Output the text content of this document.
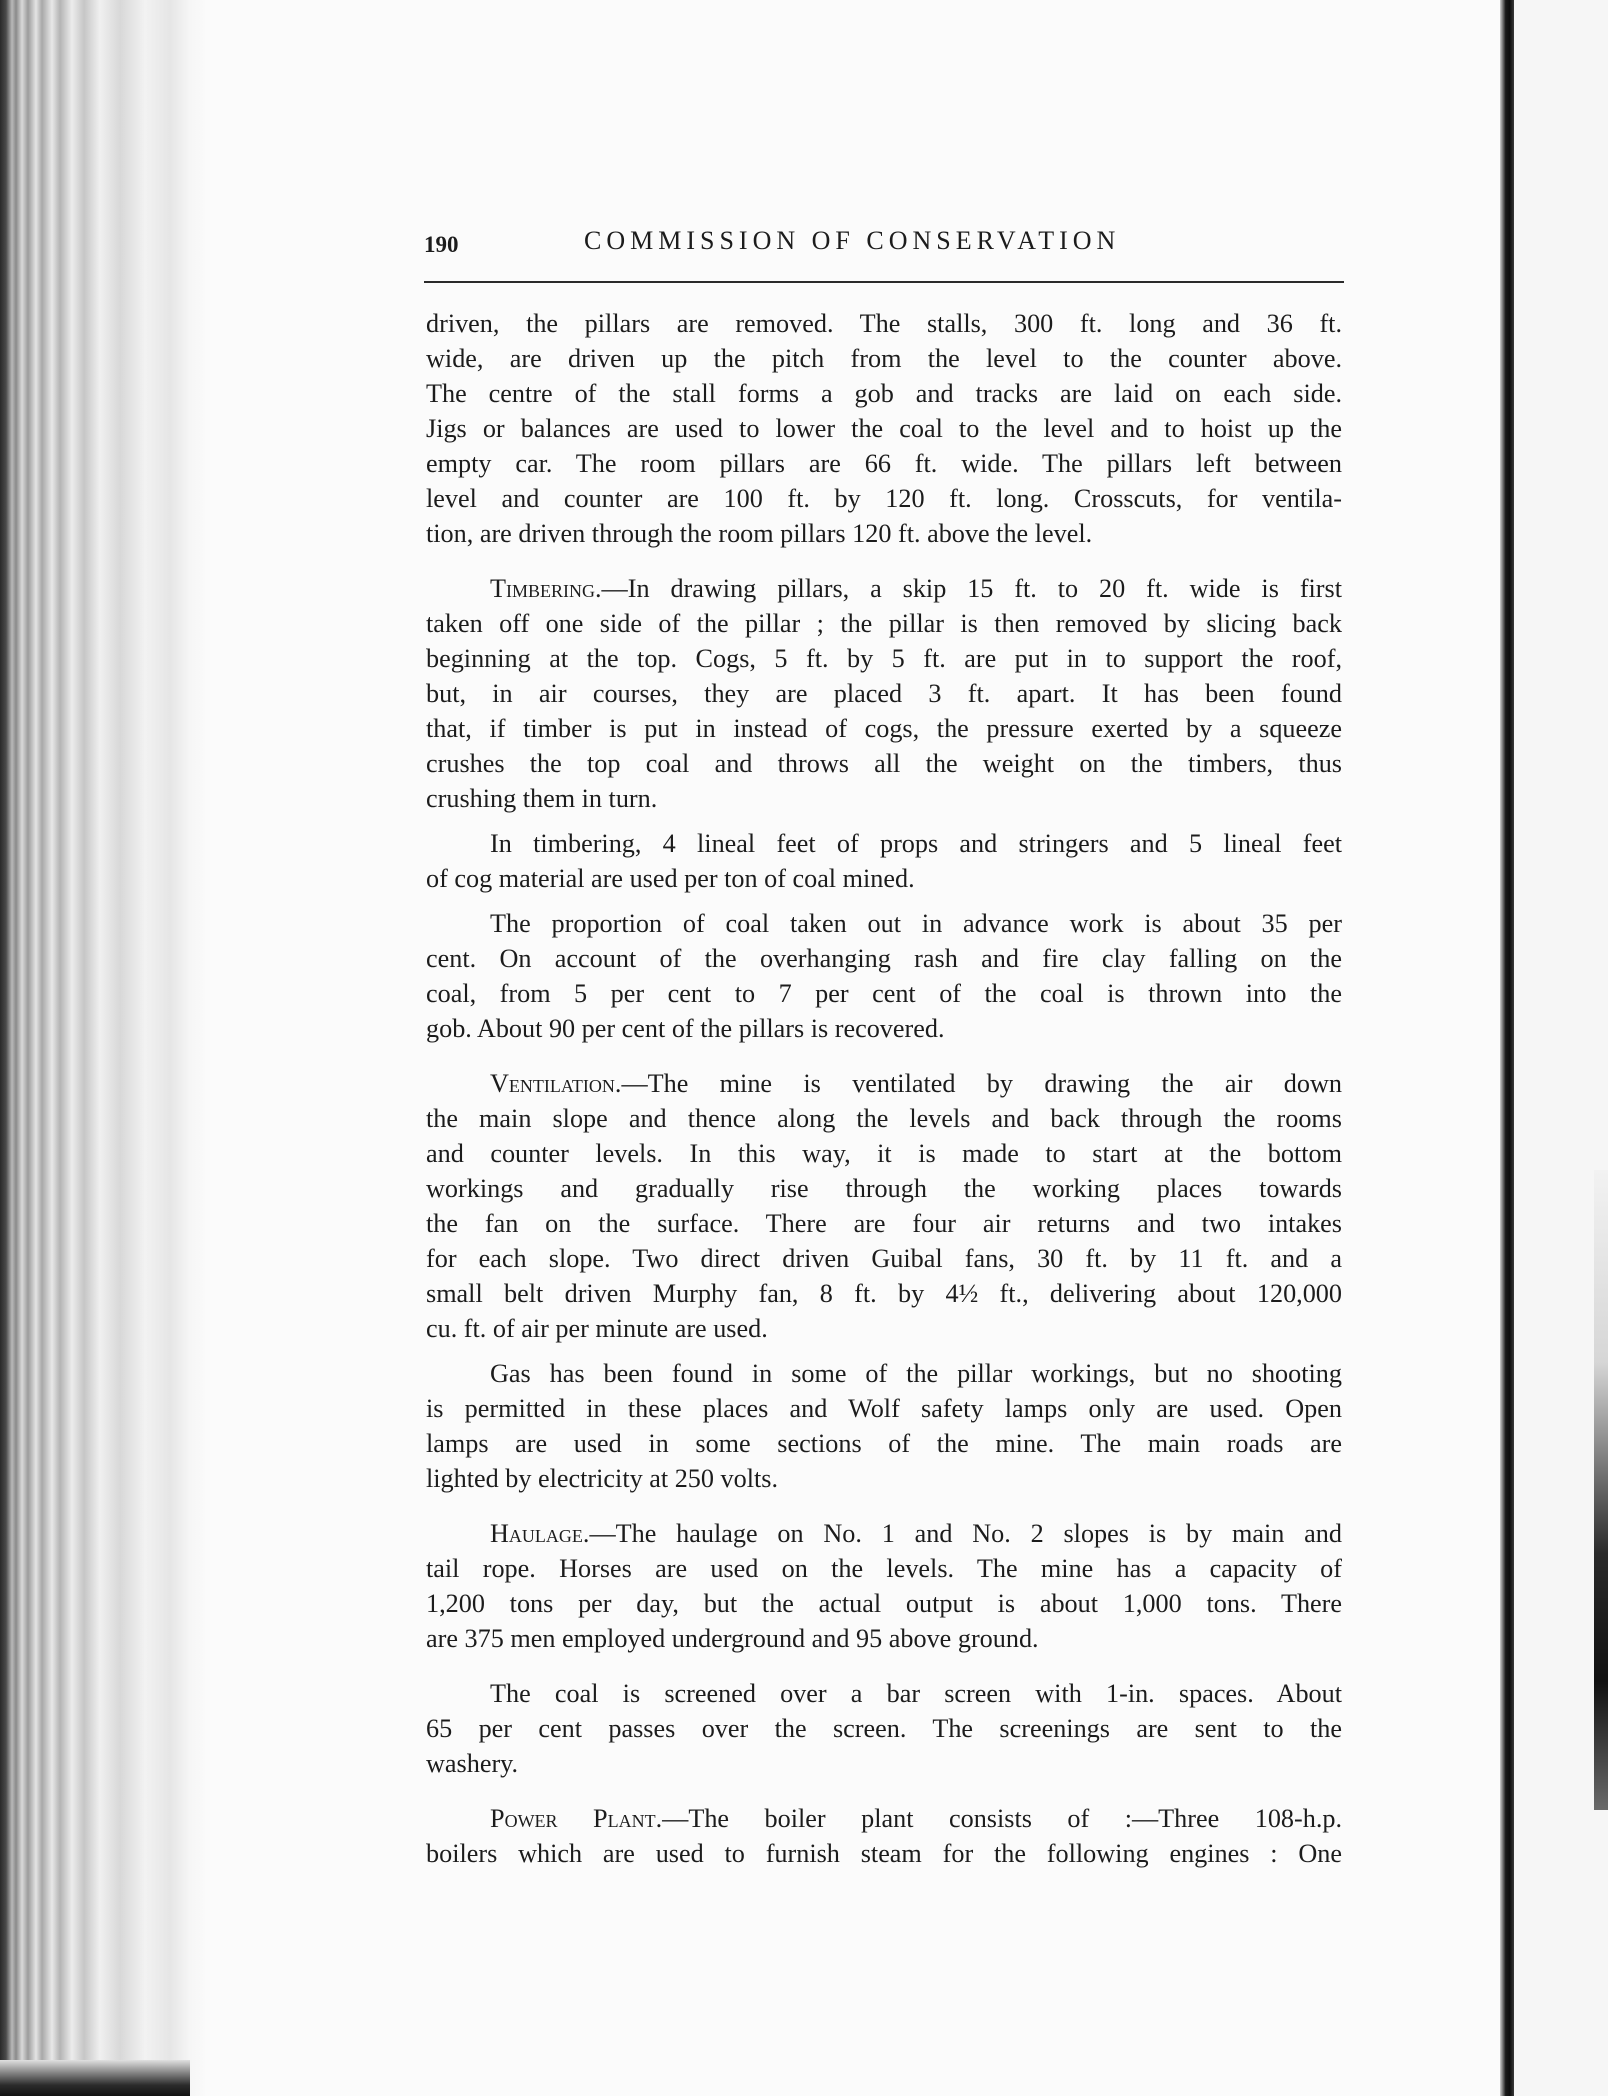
190	COMMISSION OF CONSERVATION
driven, the pillars are removed. The stalls, 300 ft. long and 36 ft.
wide, are driven up the pitch from the level to the counter above.
The centre of the stall forms a gob and tracks are laid on each side.
Jigs or balances are used to lower the coal to the level and to hoist up the
empty car. The room pillars are 66 ft. wide. The pillars left between
level and counter are 100 ft. by 120 ft. long. Crosscuts, for ventila-
tion, are driven through the room pillars 120 ft. above the level.
Timbering.—In drawing pillars, a skip 15 ft. to 20 ft. wide is first
taken off one side of the pillar ; the pillar is then removed by slicing back
beginning at the top. Cogs, 5 ft. by 5 ft. are put in to support the roof,
but, in air courses, they are placed 3 ft. apart. It has been found
that, if timber is put in instead of cogs, the pressure exerted by a squeeze
crushes the top coal and throws all the weight on the timbers, thus
crushing them in turn.
In timbering, 4 lineal feet of props and stringers and 5 lineal feet
of cog material are used per ton of coal mined.
The proportion of coal taken out in advance work is about 35 per
cent. On account of the overhanging rash and fire clay falling on the
coal, from 5 per cent to 7 per cent of the coal is thrown into the
gob. About 90 per cent of the pillars is recovered.
Ventilation.—The mine is ventilated by drawing the air down
the main slope and thence along the levels and back through the rooms
and counter levels. In this way, it is made to start at the bottom
workings and gradually rise through the working places towards
the fan on the surface. There are four air returns and two intakes
for each slope. Two direct driven Guibal fans, 30 ft. by 11 ft. and a
small belt driven Murphy fan, 8 ft. by 4½ ft., delivering about 120,000
cu. ft. of air per minute are used.
Gas has been found in some of the pillar workings, but no shooting
is permitted in these places and Wolf safety lamps only are used. Open
lamps are used in some sections of the mine. The main roads are
lighted by electricity at 250 volts.
Haulage.—The haulage on No. 1 and No. 2 slopes is by main and
tail rope. Horses are used on the levels. The mine has a capacity of
1,200 tons per day, but the actual output is about 1,000 tons. There
are 375 men employed underground and 95 above ground.
The coal is screened over a bar screen with 1-in. spaces. About
65 per cent passes over the screen. The screenings are sent to the
washery.
Power Plant.—The boiler plant consists of :—Three 108-h.p.
boilers which are used to furnish steam for the following engines : One
